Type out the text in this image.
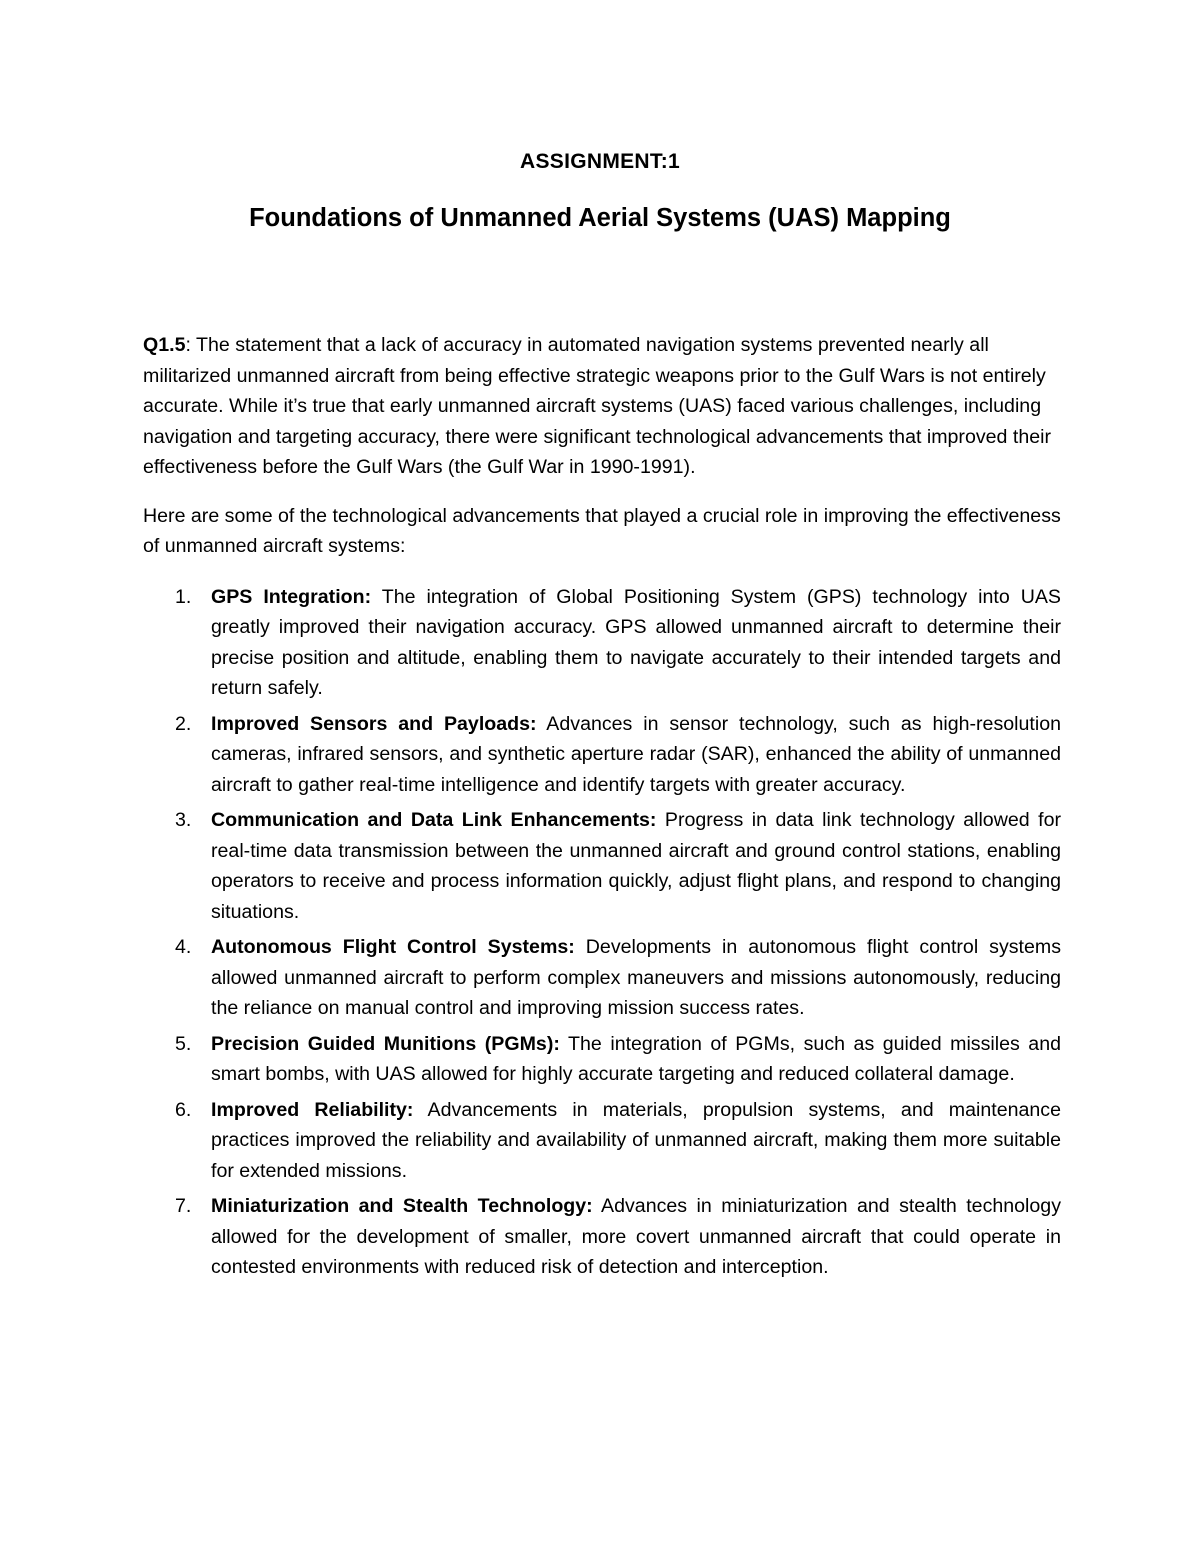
ASSIGNMENT:1
Foundations of Unmanned Aerial Systems (UAS) Mapping

Q1.5: The statement that a lack of accuracy in automated navigation systems prevented nearly all militarized unmanned aircraft from being effective strategic weapons prior to the Gulf Wars is not entirely accurate. While it’s true that early unmanned aircraft systems (UAS) faced various challenges, including navigation and targeting accuracy, there were significant technological advancements that improved their effectiveness before the Gulf Wars (the Gulf War in 1990-1991).

Here are some of the technological advancements that played a crucial role in improving the effectiveness of unmanned aircraft systems:

1. GPS Integration: The integration of Global Positioning System (GPS) technology into UAS greatly improved their navigation accuracy. GPS allowed unmanned aircraft to determine their precise position and altitude, enabling them to navigate accurately to their intended targets and return safely.
2. Improved Sensors and Payloads: Advances in sensor technology, such as high-resolution cameras, infrared sensors, and synthetic aperture radar (SAR), enhanced the ability of unmanned aircraft to gather real-time intelligence and identify targets with greater accuracy.
3. Communication and Data Link Enhancements: Progress in data link technology allowed for real-time data transmission between the unmanned aircraft and ground control stations, enabling operators to receive and process information quickly, adjust flight plans, and respond to changing situations.
4. Autonomous Flight Control Systems: Developments in autonomous flight control systems allowed unmanned aircraft to perform complex maneuvers and missions autonomously, reducing the reliance on manual control and improving mission success rates.
5. Precision Guided Munitions (PGMs): The integration of PGMs, such as guided missiles and smart bombs, with UAS allowed for highly accurate targeting and reduced collateral damage.
6. Improved Reliability: Advancements in materials, propulsion systems, and maintenance practices improved the reliability and availability of unmanned aircraft, making them more suitable for extended missions.
7. Miniaturization and Stealth Technology: Advances in miniaturization and stealth technology allowed for the development of smaller, more covert unmanned aircraft that could operate in contested environments with reduced risk of detection and interception.
